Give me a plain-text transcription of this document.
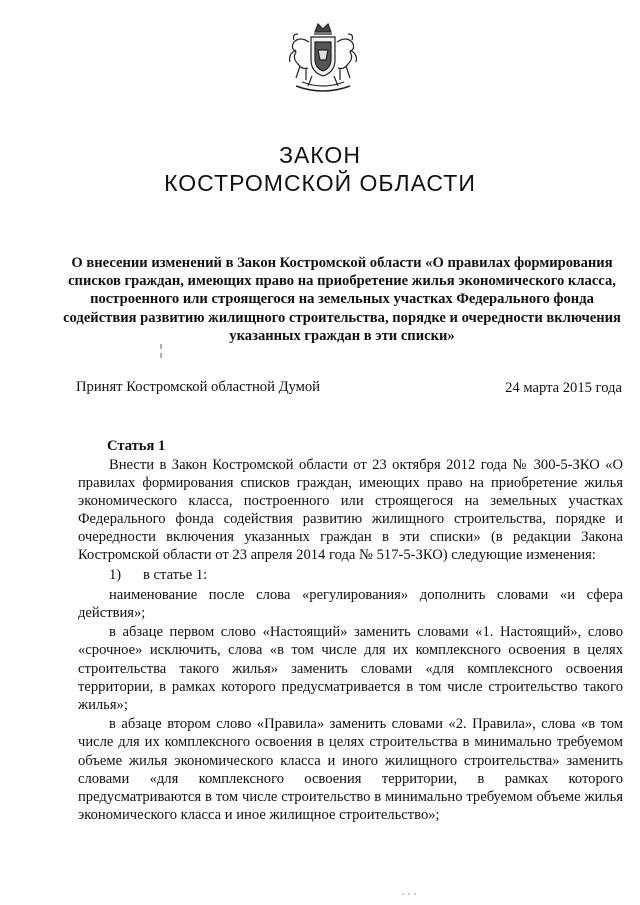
ЗАКОН
КОСТРОМСКОЙ ОБЛАСТИ
О внесении изменений в Закон Костромской области «О правилах формирования списков граждан, имеющих право на приобретение жилья экономического класса, построенного или строящегося на земельных участках Федерального фонда содействия развитию жилищного строительства, порядке и очередности включения указанных граждан в эти списки»
Принят Костромской областной Думой	24 марта 2015 года
Статья 1

Внести в Закон Костромской области от 23 октября 2012 года № 300-5-ЗКО «О правилах формирования списков граждан, имеющих право на приобретение жилья экономического класса, построенного или строящегося на земельных участках Федерального фонда содействия развитию жилищного строительства, порядке и очередности включения указанных граждан в эти списки» (в редакции Закона Костромской области от 23 апреля 2014 года № 517-5-ЗКО) следующие изменения:

1) в статье 1:

наименование после слова «регулирования» дополнить словами «и сфера действия»;

в абзаце первом слово «Настоящий» заменить словами «1. Настоящий», слово «срочное» исключить, слова «в том числе для их комплексного освоения в целях строительства такого жилья» заменить словами «для комплексного освоения территории, в рамках которого предусматривается в том числе строительство такого жилья»;

в абзаце втором слово «Правила» заменить словами «2. Правила», слова «в том числе для их комплексного освоения в целях строительства в минимально требуемом объеме жилья экономического класса и иного жилищного строительства» заменить словами «для комплексного освоения территории, в рамках которого предусматриваются в том числе строительство в минимально требуемом объеме жилья экономического класса и иное жилищное строительство»;
